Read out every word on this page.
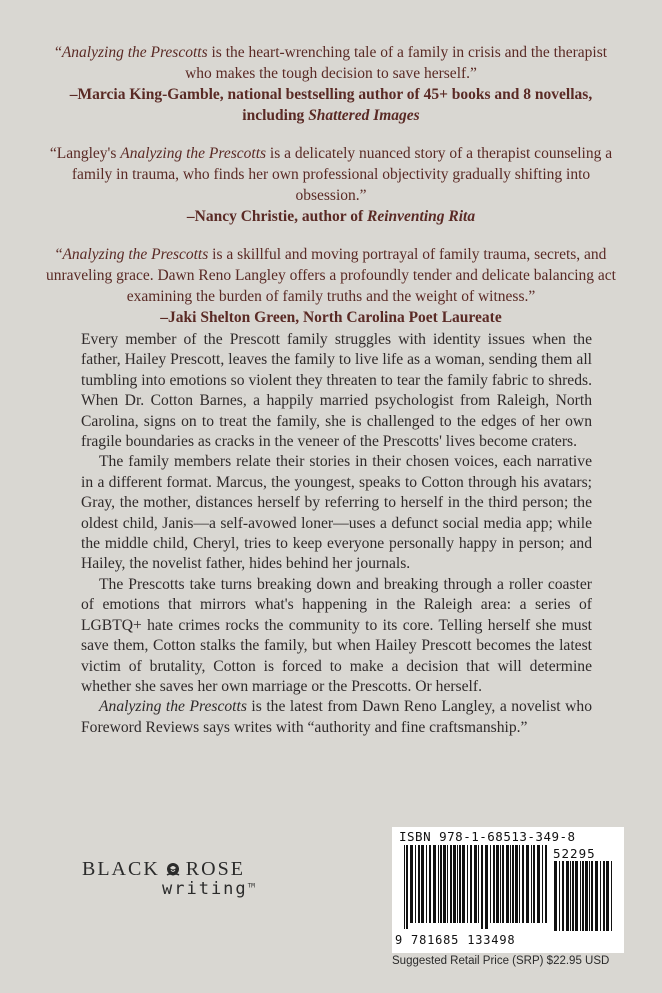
“Analyzing the Prescotts is the heart-wrenching tale of a family in crisis and the therapist who makes the tough decision to save herself.”
–Marcia King-Gamble, national bestselling author of 45+ books and 8 novellas, including Shattered Images

“Langley's Analyzing the Prescotts is a delicately nuanced story of a therapist counseling a family in trauma, who finds her own professional objectivity gradually shifting into obsession.”
–Nancy Christie, author of Reinventing Rita

“Analyzing the Prescotts is a skillful and moving portrayal of family trauma, secrets, and unraveling grace. Dawn Reno Langley offers a profoundly tender and delicate balancing act examining the burden of family truths and the weight of witness.”
–Jaki Shelton Green, North Carolina Poet Laureate

Every member of the Prescott family struggles with identity issues when the father, Hailey Prescott, leaves the family to live life as a woman, sending them all tumbling into emotions so violent they threaten to tear the family fabric to shreds. When Dr. Cotton Barnes, a happily married psychologist from Raleigh, North Carolina, signs on to treat the family, she is challenged to the edges of her own fragile boundaries as cracks in the veneer of the Prescotts' lives become craters.

The family members relate their stories in their chosen voices, each narrative in a different format. Marcus, the youngest, speaks to Cotton through his avatars; Gray, the mother, distances herself by referring to herself in the third person; the oldest child, Janis—a self-avowed loner—uses a defunct social media app; while the middle child, Cheryl, tries to keep everyone personally happy in person; and Hailey, the novelist father, hides behind her journals.

The Prescotts take turns breaking down and breaking through a roller coaster of emotions that mirrors what's happening in the Raleigh area: a series of LGBTQ+ hate crimes rocks the community to its core. Telling herself she must save them, Cotton stalks the family, but when Hailey Prescott becomes the latest victim of brutality, Cotton is forced to make a decision that will determine whether she saves her own marriage or the Prescotts. Or herself.

Analyzing the Prescotts is the latest from Dawn Reno Langley, a novelist who Foreword Reviews says writes with “authority and fine craftsmanship.”

BLACK ROSE
writing™
ISBN 978-1-68513-349-8
52295
9 781685 133498
Suggested Retail Price (SRP) $22.95 USD
